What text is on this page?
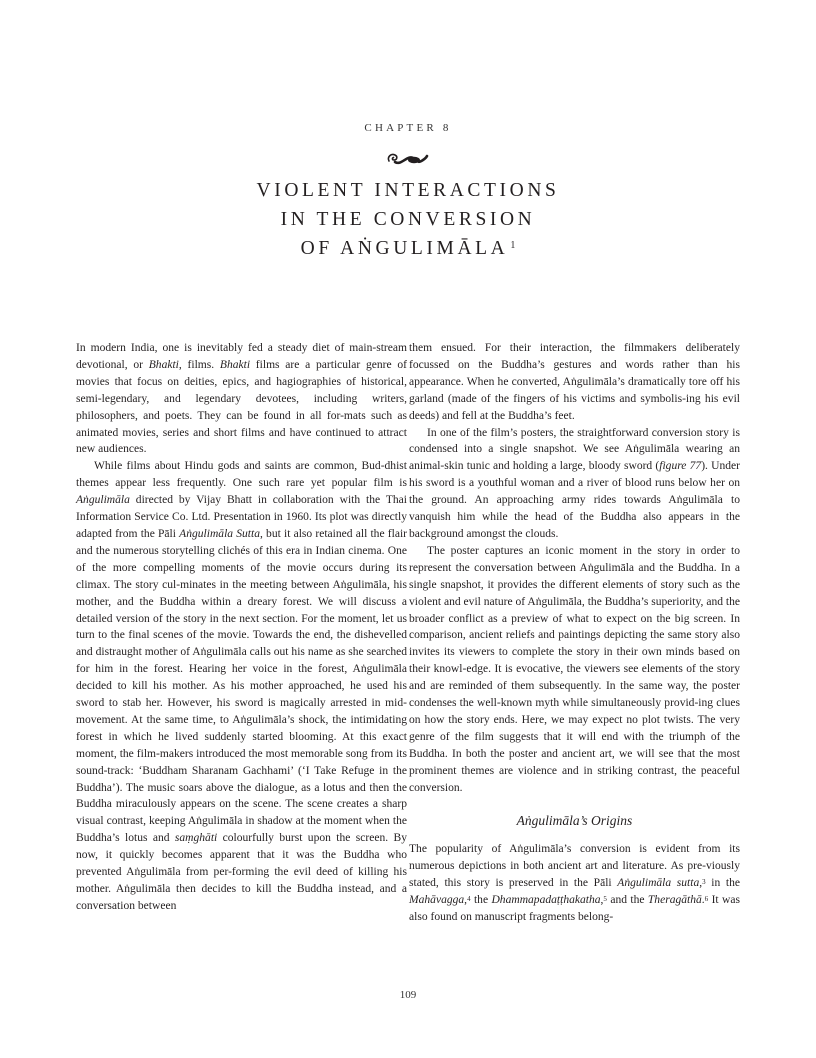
CHAPTER 8
VIOLENT INTERACTIONS
IN THE CONVERSION
OF AṄGULIMĀLA $^1$

In modern India, one is inevitably fed a steady diet of main-stream devotional, or Bhakti, films. Bhakti films are a particular genre of movies that focus on deities, epics, and hagiographies of historical, semi-legendary, and legendary devotees, including writers, philosophers, and poets. They can be found in all for-mats such as animated movies, series and short films and have continued to attract new audiences.

While films about Hindu gods and saints are common, Bud-dhist themes appear less frequently. One such rare yet popular film is Aṅgulimāla directed by Vijay Bhatt in collaboration with the Thai Information Service Co. Ltd. Presentation in 1960. Its plot was directly adapted from the Pāli Aṅgulimāla Sutta, but it also retained all the flair and the numerous storytelling clichés of this era in Indian cinema. One of the more compelling moments of the movie occurs during its climax. The story cul-minates in the meeting between Aṅgulimāla, his mother, and the Buddha within a dreary forest. We will discuss a detailed version of the story in the next section. For the moment, let us turn to the final scenes of the movie. Towards the end, the dishevelled and distraught mother of Aṅgulimāla calls out his name as she searched for him in the forest. Hearing her voice in the forest, Aṅgulimāla decided to kill his mother. As his mother approached, he used his sword to stab her. However, his sword is magically arrested in mid-movement. At the same time, to Aṅgulimāla’s shock, the intimidating forest in which he lived suddenly started blooming. At this exact moment, the film-makers introduced the most memorable song from its sound-track: ‘Buddham Sharanam Gachhami’ (‘I Take Refuge in the Buddha’). The music soars above the dialogue, as a lotus and then the Buddha miraculously appears on the scene. The scene creates a sharp visual contrast, keeping Aṅgulimāla in shadow at the moment when the Buddha’s lotus and saṃghāti colourfully burst upon the screen. By now, it quickly becomes apparent that it was the Buddha who prevented Aṅgulimāla from per-forming the evil deed of killing his mother. Aṅgulimāla then decides to kill the Buddha instead, and a conversation between

them ensued. For their interaction, the filmmakers deliberately focussed on the Buddha’s gestures and words rather than his appearance. When he converted, Aṅgulimāla’s dramatically tore off his garland (made of the fingers of his victims and symbolis-ing his evil deeds) and fell at the Buddha’s feet.

In one of the film’s posters, the straightforward conversion story is condensed into a single snapshot. We see Aṅgulimāla wearing an animal-skin tunic and holding a large, bloody sword (figure 77). Under his sword is a youthful woman and a river of blood runs below her on the ground. An approaching army rides towards Aṅgulimāla to vanquish him while the head of the Buddha also appears in the background amongst the clouds.

The poster captures an iconic moment in the story in order to represent the conversation between Aṅgulimāla and the Buddha. In a single snapshot, it provides the different elements of story such as the violent and evil nature of Aṅgulimāla, the Buddha’s superiority, and the broader conflict as a preview of what to expect on the big screen. In comparison, ancient reliefs and paintings depicting the same story also invites its viewers to complete the story in their own minds based on their knowl-edge. It is evocative, the viewers see elements of the story and are reminded of them subsequently. In the same way, the poster condenses the well-known myth while simultaneously provid-ing clues on how the story ends. Here, we may expect no plot twists. The very genre of the film suggests that it will end with the triumph of the Buddha. In both the poster and ancient art, we will see that the most prominent themes are violence and in striking contrast, the peaceful conversion.

Aṅgulimāla’s Origins

The popularity of Aṅgulimāla’s conversion is evident from its numerous depictions in both ancient art and literature. As pre-viously stated, this story is preserved in the Pāli Aṅgulimāla sutta,$^3$ in the Mahāvagga,$^4$ the Dhammapadaṭṭhakatha,$^5$ and the Theragāthā.$^6$ It was also found on manuscript fragments belong-

109
